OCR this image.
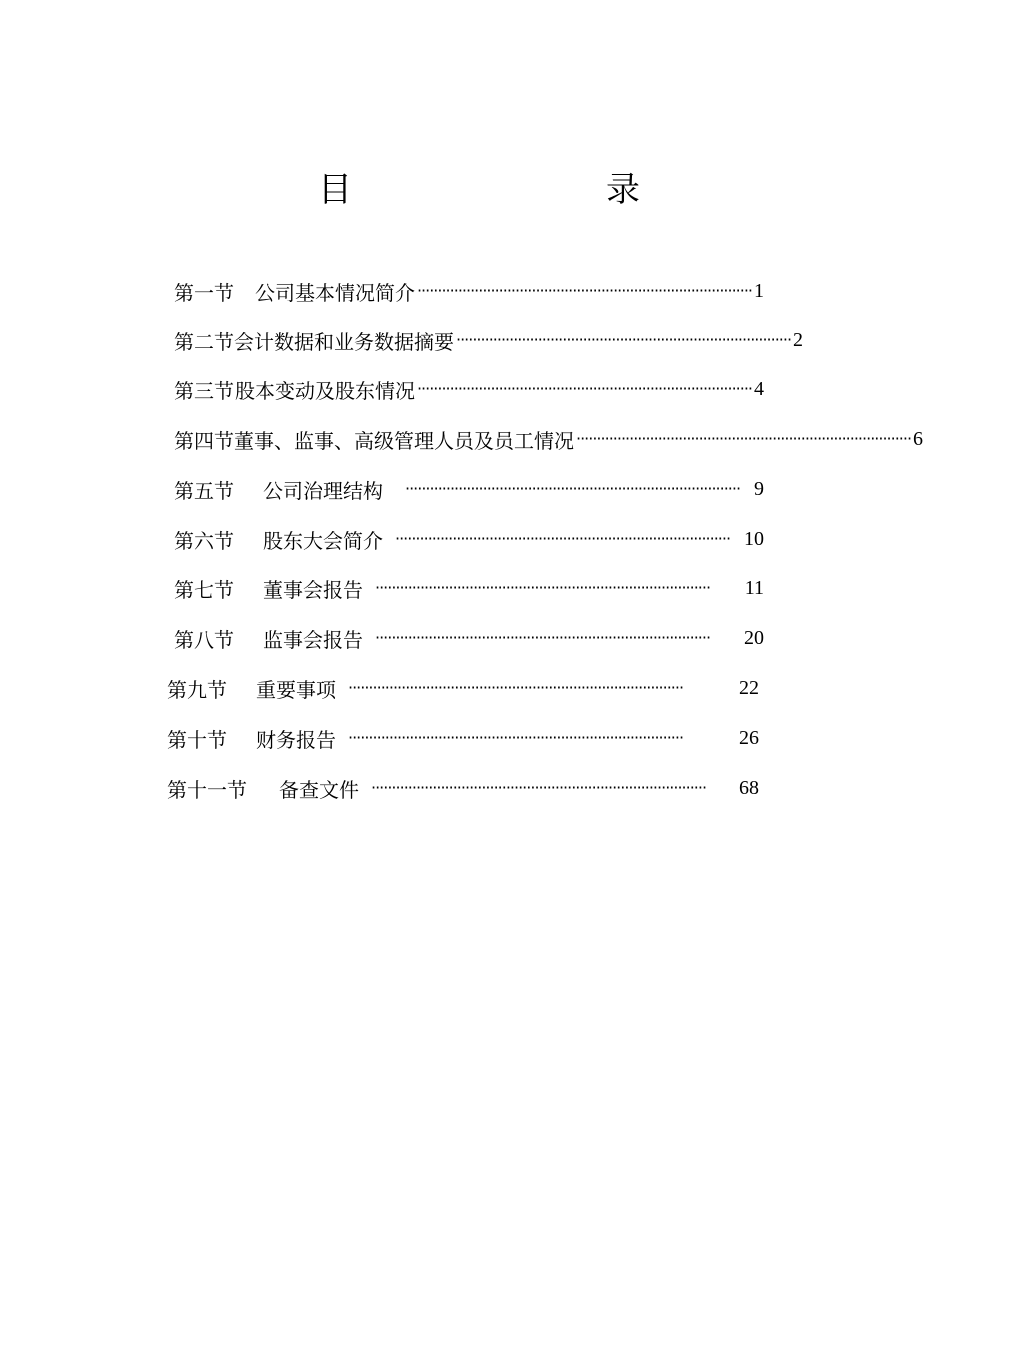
目　　录
第一节	公司基本情况简介 ·················································································· 1
第二节 会计数据和业务数据摘要 ·················································································· 2
第三节 股本变动及股东情况 ·················································································· 4
第四节 董事、监事、高级管理人员及员工情况 ·················································································· 6
第五节	公司治理结构 ·················································································· 9
第六节	股东大会简介 ·················································································· 10
第七节	董事会报告 ··················································································	11
第八节	监事会报告 ··················································································	20
第九节	重要事项 ··················································································	22
第十节	财务报告 ··················································································	26
第十一节	备查文件 ··················································································	68
